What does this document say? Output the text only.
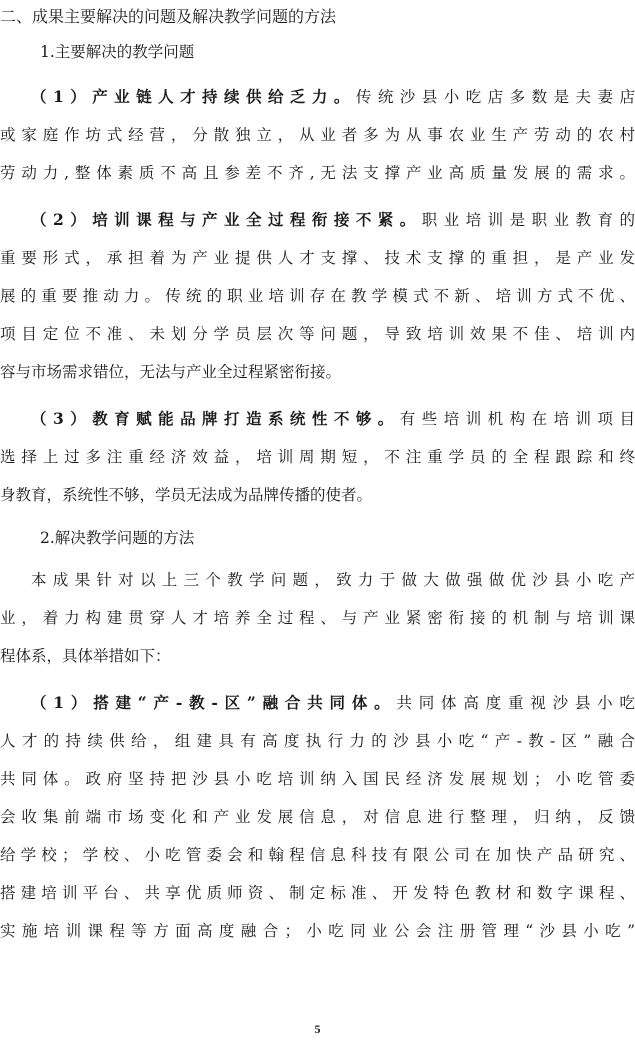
二、成果主要解决的问题及解决教学问题的方法

1.主要解决的教学问题

（1）产业链人才持续供给乏力。传统沙县小吃店多数是夫妻店

或家庭作坊式经营，分散独立，从业者多为从事农业生产劳动的农村

劳动力,整体素质不高且参差不齐,无法支撑产业高质量发展的需求。

（2）培训课程与产业全过程衔接不紧。职业培训是职业教育的

重要形式，承担着为产业提供人才支撑、技术支撑的重担，是产业发

展的重要推动力。传统的职业培训存在教学模式不新、培训方式不优、

项目定位不准、未划分学员层次等问题，导致培训效果不佳、培训内

容与市场需求错位，无法与产业全过程紧密衔接。

（3）教育赋能品牌打造系统性不够。有些培训机构在培训项目

选择上过多注重经济效益，培训周期短，不注重学员的全程跟踪和终

身教育，系统性不够，学员无法成为品牌传播的使者。

2.解决教学问题的方法

本成果针对以上三个教学问题，致力于做大做强做优沙县小吃产

业，着力构建贯穿人才培养全过程、与产业紧密衔接的机制与培训课

程体系，具体举措如下：

（1）搭建“产-教-区”融合共同体。共同体高度重视沙县小吃

人才的持续供给，组建具有高度执行力的沙县小吃“产-教-区”融合

共同体。政府坚持把沙县小吃培训纳入国民经济发展规划；小吃管委

会收集前端市场变化和产业发展信息，对信息进行整理，归纳，反馈

给学校；学校、小吃管委会和翰程信息科技有限公司在加快产品研究、

搭建培训平台、共享优质师资、制定标准、开发特色教材和数字课程、

实施培训课程等方面高度融合；小吃同业公会注册管理“沙县小吃”

5
